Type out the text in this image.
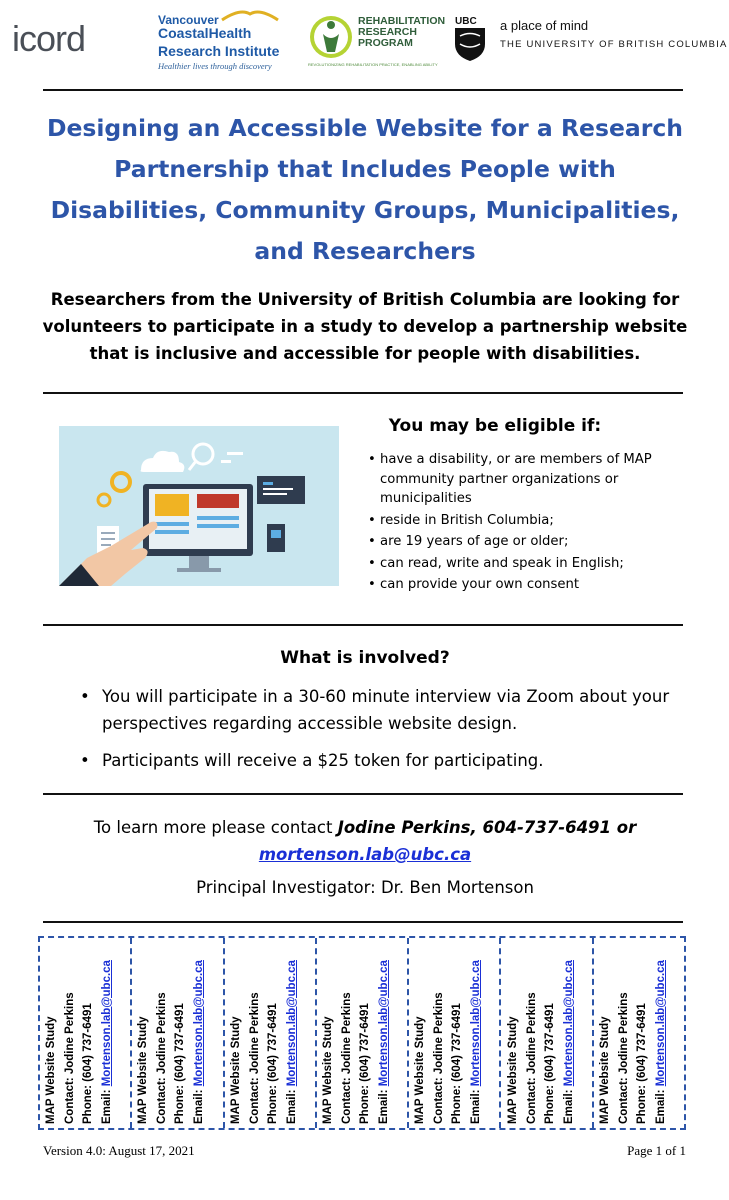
icord	Vancouver
CoastalHealth
Research Institute
Healthier lives through discovery
REHABILITATION
RESEARCH
PROGRAM
REVOLUTIONIZING REHABILITATION PRACTICE, ENABLING ABILITY
UBC a place of mind
THE UNIVERSITY OF BRITISH COLUMBIA
Designing an Accessible Website for a Research Partnership that Includes People with Disabilities, Community Groups, Municipalities, and Researchers

Researchers from the University of British Columbia are looking for volunteers to participate in a study to develop a partnership website that is inclusive and accessible for people with disabilities.

You may be eligible if:
• have a disability, or are members of MAP community partner organizations or municipalities
• reside in British Columbia;
• are 19 years of age or older;
• can read, write and speak in English;
• can provide your own consent
What is involved?
• You will participate in a 30-60 minute interview via Zoom about your perspectives regarding accessible website design.
• Participants will receive a $25 token for participating.
To learn more please contact Jodine Perkins, 604-737-6491 or
mortenson.lab@ubc.ca
Principal Investigator: Dr. Ben Mortenson
MAP Website Study Contact: Jodine Perkins Phone: (604) 737-6491 Email: Mortenson.lab@ubc.ca	MAP Website Study Contact: Jodine Perkins Phone: (604) 737-6491 Email: Mortenson.lab@ubc.ca	MAP Website Study Contact: Jodine Perkins Phone: (604) 737-6491 Email: Mortenson.lab@ubc.ca	MAP Website Study Contact: Jodine Perkins Phone: (604) 737-6491 Email: Mortenson.lab@ubc.ca	MAP Website Study Contact: Jodine Perkins Phone: (604) 737-6491 Email: Mortenson.lab@ubc.ca	MAP Website Study Contact: Jodine Perkins Phone: (604) 737-6491 Email: Mortenson.lab@ubc.ca	MAP Website Study Contact: Jodine Perkins Phone: (604) 737-6491 Email: Mortenson.lab@ubc.ca
Version 4.0: August 17, 2021	Page 1 of 1
